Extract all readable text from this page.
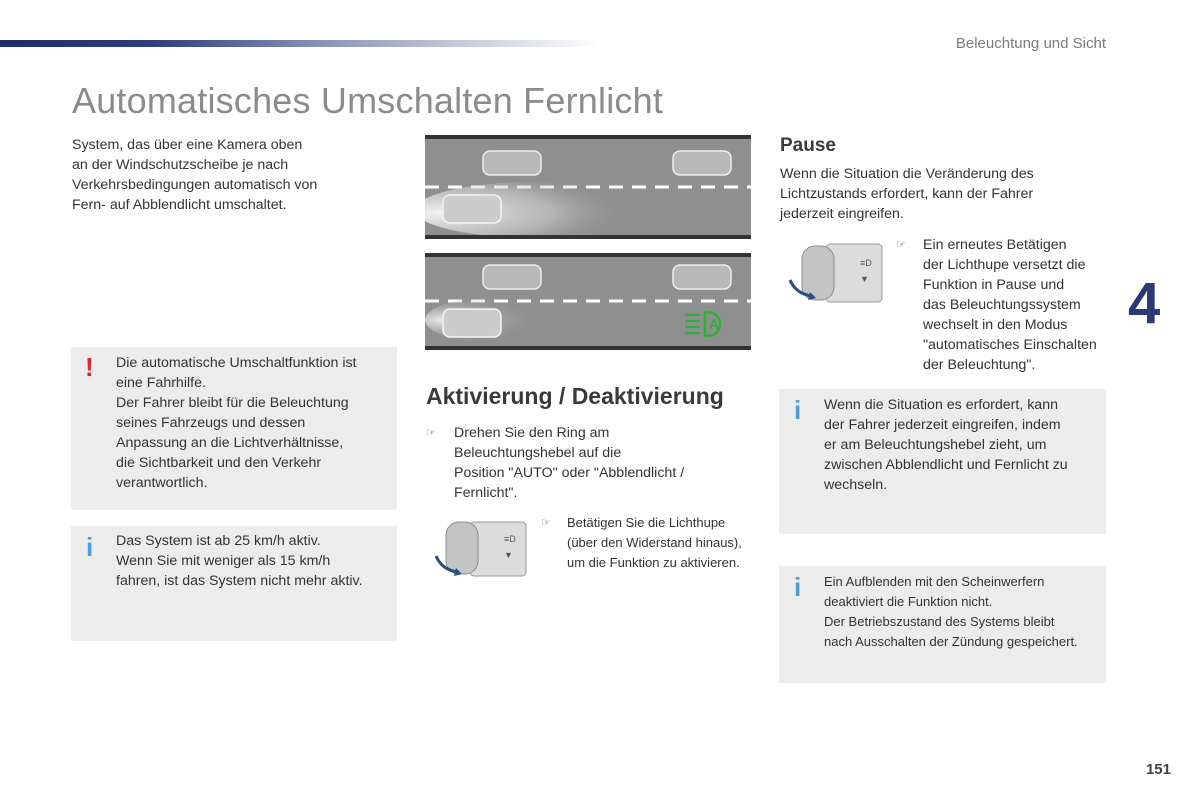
Beleuchtung und Sicht
Automatisches Umschalten Fernlicht
System, das über eine Kamera oben
an der Windschutzscheibe je nach
Verkehrsbedingungen automatisch von
Fern- auf Abblendlicht umschaltet.
! Die automatische Umschaltfunktion ist
eine Fahrhilfe.
Der Fahrer bleibt für die Beleuchtung
seines Fahrzeugs und dessen
Anpassung an die Lichtverhältnisse,
die Sichtbarkeit und den Verkehr
verantwortlich.
i Das System ist ab 25 km/h aktiv.
Wenn Sie mit weniger als 15 km/h
fahren, ist das System nicht mehr aktiv.
A
Aktivierung / Deaktivierung
☞ Drehen Sie den Ring am
Beleuchtungshebel auf die
Position "AUTO" oder "Abblendlicht /
Fernlicht".
≡D
▼
☞ Betätigen Sie die Lichthupe
(über den Widerstand hinaus),
um die Funktion zu aktivieren.
Pause
Wenn die Situation die Veränderung des
Lichtzustands erfordert, kann der Fahrer
jederzeit eingreifen.
≡D
▼
☞ Ein erneutes Betätigen
der Lichthupe versetzt die
Funktion in Pause und
das Beleuchtungssystem
wechselt in den Modus
"automatisches Einschalten
der Beleuchtung".
i Wenn die Situation es erfordert, kann
der Fahrer jederzeit eingreifen, indem
er am Beleuchtungshebel zieht, um
zwischen Abblendlicht und Fernlicht zu
wechseln.
i Ein Aufblenden mit den Scheinwerfern
deaktiviert die Funktion nicht.
Der Betriebszustand des Systems bleibt
nach Ausschalten der Zündung gespeichert.
4
151
